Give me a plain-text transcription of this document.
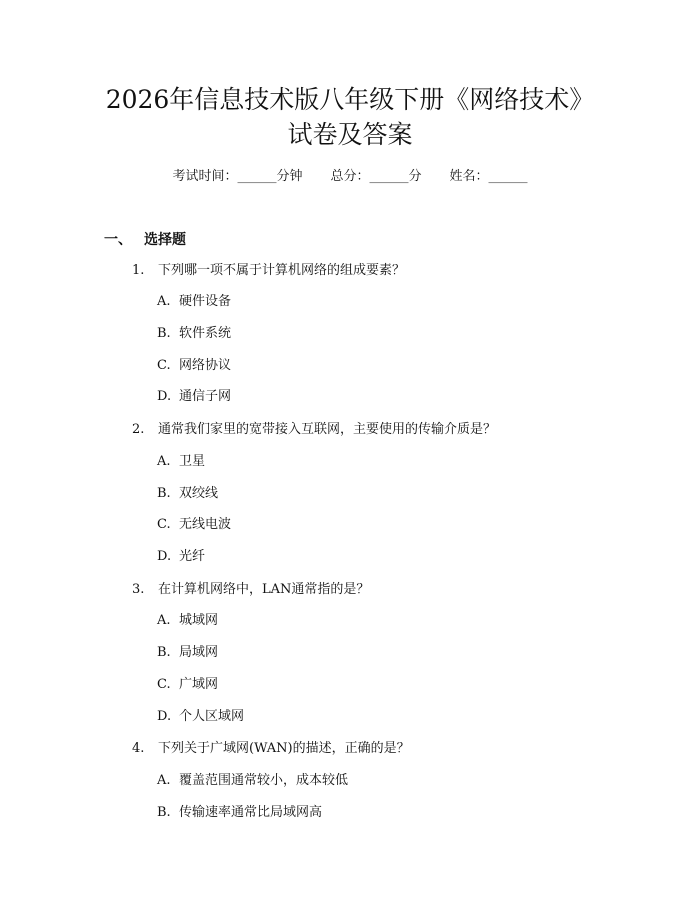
2026年信息技术版八年级下册《网络技术》
试卷及答案
考试时间：______分钟 总分：______分 姓名：______
一、 选择题
1. 下列哪一项不属于计算机网络的组成要素？
A. 硬件设备
B. 软件系统
C. 网络协议
D. 通信子网
2. 通常我们家里的宽带接入互联网，主要使用的传输介质是？
A. 卫星
B. 双绞线
C. 无线电波
D. 光纤
3. 在计算机网络中，LAN通常指的是？
A. 城域网
B. 局域网
C. 广域网
D. 个人区域网
4. 下列关于广域网(WAN)的描述，正确的是？
A. 覆盖范围通常较小，成本较低
B. 传输速率通常比局域网高
